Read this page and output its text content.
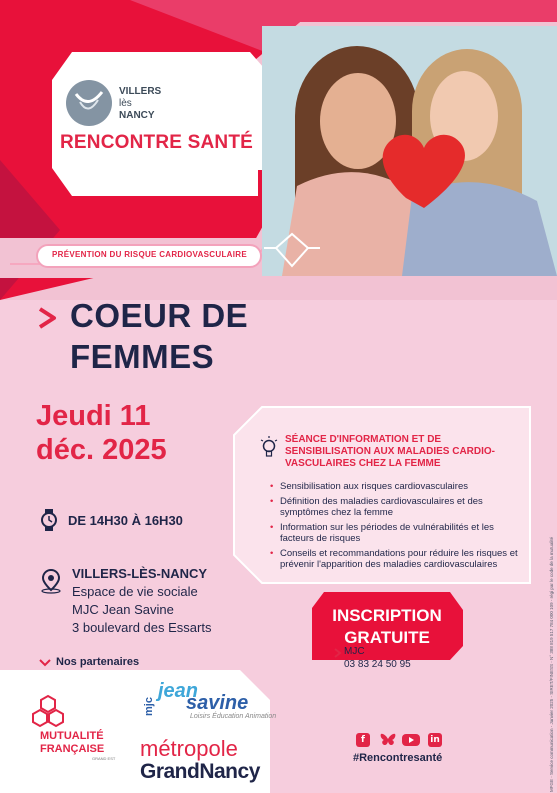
VILLERS
lès
NANCY
RENCONTRE SANTÉ
PRÉVENTION DU RISQUE CARDIOVASCULAIRE
COEUR DE
FEMMES
Jeudi 11
déc. 2025
DE 14H30 À 16H30
VILLERS-LÈS-NANCY
Espace de vie sociale
MJC Jean Savine
3 boulevard des Essarts
SÉANCE D'INFORMATION ET DE SENSIBILISATION AUX MALADIES CARDIO-VASCULAIRES CHEZ LA FEMME
• Sensibilisation aux risques cardiovasculaires
• Définition des maladies cardiovasculaires et des symptômes chez la femme
• Information sur les périodes de vulnérabilités et les facteurs de risques
• Conseils et recommandations pour réduire les risques et prévenir l'apparition des maladies cardiovasculaires
INSCRIPTION
GRATUITE
MJC
03 83 24 50 95
Nos partenaires
MUTUALITÉ
FRANÇAISE
GRAND EST
jean
savine
mjc
Loisirs Éducation Animation
métropole
GrandNancy
f	in
#Rencontresanté	MFGE - Service communication - Janvier 2025 - SIRET/FINESS - N° 388 819 517 784 000 109 - régi par le code de la mutualité
